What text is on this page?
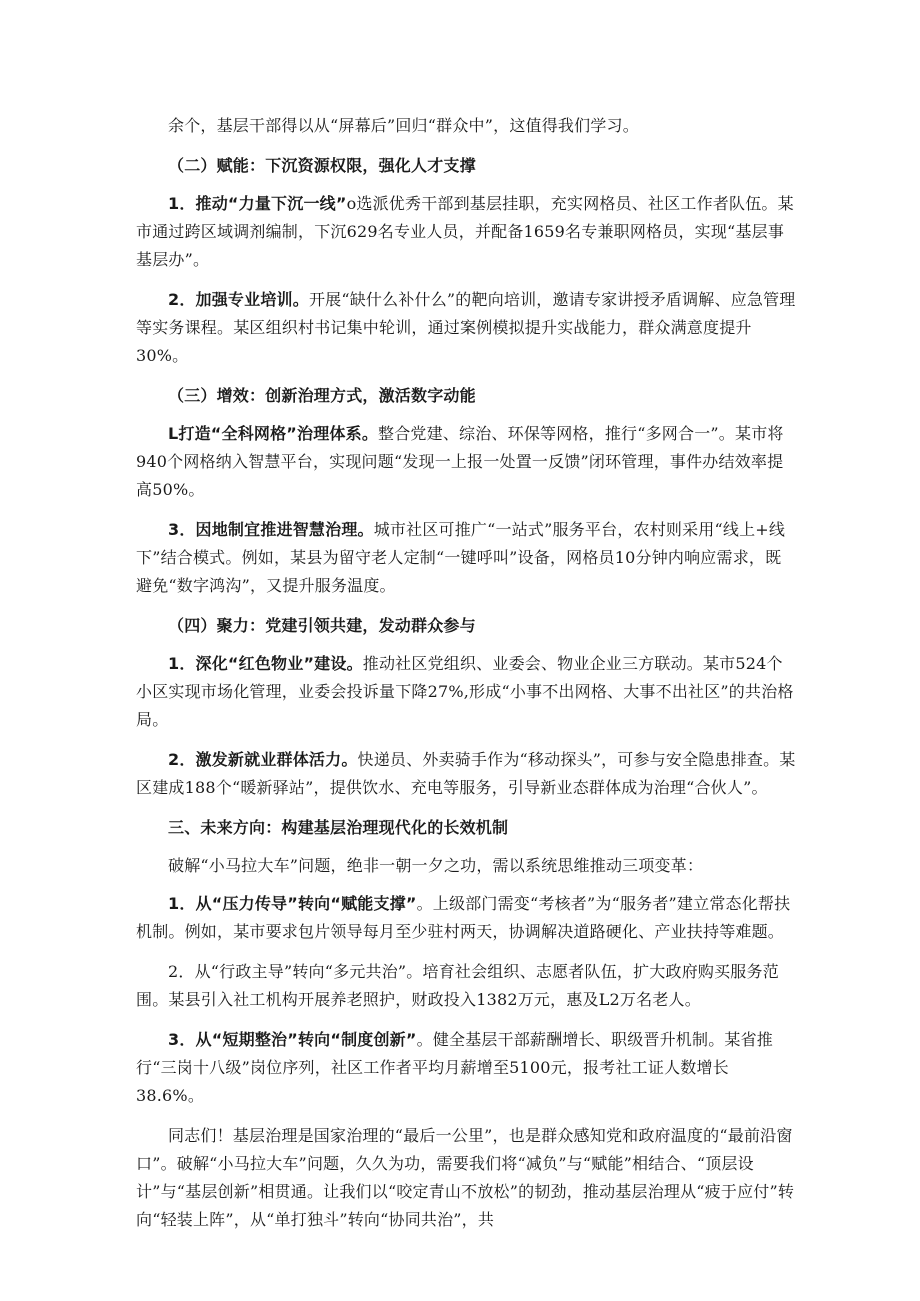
余个，基层干部得以从“屏幕后”回归“群众中”，这值得我们学习。

（二）赋能：下沉资源权限，强化人才支撑

1．推动“力量下沉一线”o选派优秀干部到基层挂职，充实网格员、社区工作者队伍。某市通过跨区域调剂编制，下沉629名专业人员，并配备1659名专兼职网格员，实现“基层事基层办”。

2．加强专业培训。开展“缺什么补什么”的靶向培训，邀请专家讲授矛盾调解、应急管理等实务课程。某区组织村书记集中轮训，通过案例模拟提升实战能力，群众满意度提升30%。

（三）增效：创新治理方式，激活数字动能

L打造“全科网格”治理体系。整合党建、综治、环保等网格，推行“多网合一”。某市将940个网格纳入智慧平台，实现问题“发现一上报一处置一反馈”闭环管理，事件办结效率提高50%。

3．因地制宜推进智慧治理。城市社区可推广“一站式”服务平台，农村则采用“线上+线下”结合模式。例如，某县为留守老人定制“一键呼叫”设备，网格员10分钟内响应需求，既避免“数字鸿沟”，又提升服务温度。

（四）聚力：党建引领共建，发动群众参与

1．深化“红色物业”建设。推动社区党组织、业委会、物业企业三方联动。某市524个小区实现市场化管理，业委会投诉量下降27%,形成“小事不出网格、大事不出社区”的共治格局。

2．激发新就业群体活力。快递员、外卖骑手作为“移动探头”，可参与安全隐患排查。某区建成188个“暖新驿站”，提供饮水、充电等服务，引导新业态群体成为治理“合伙人”。

三、未来方向：构建基层治理现代化的长效机制

破解“小马拉大车”问题，绝非一朝一夕之功，需以系统思维推动三项变革：

1．从“压力传导”转向“赋能支撑”。上级部门需变“考核者”为“服务者”建立常态化帮扶机制。例如，某市要求包片领导每月至少驻村两天，协调解决道路硬化、产业扶持等难题。

2．从“行政主导”转向“多元共治”。培育社会组织、志愿者队伍，扩大政府购买服务范围。某县引入社工机构开展养老照护，财政投入1382万元，惠及L2万名老人。

3．从“短期整治”转向“制度创新”。健全基层干部薪酬增长、职级晋升机制。某省推行“三岗十八级”岗位序列，社区工作者平均月薪增至5100元，报考社工证人数增长38.6%。

同志们！基层治理是国家治理的“最后一公里”，也是群众感知党和政府温度的“最前沿窗口”。破解“小马拉大车”问题，久久为功，需要我们将“减负”与“赋能”相结合、“顶层设计”与“基层创新”相贯通。让我们以“咬定青山不放松”的韧劲，推动基层治理从“疲于应付”转向“轻装上阵”，从“单打独斗”转向“协同共治”，共
